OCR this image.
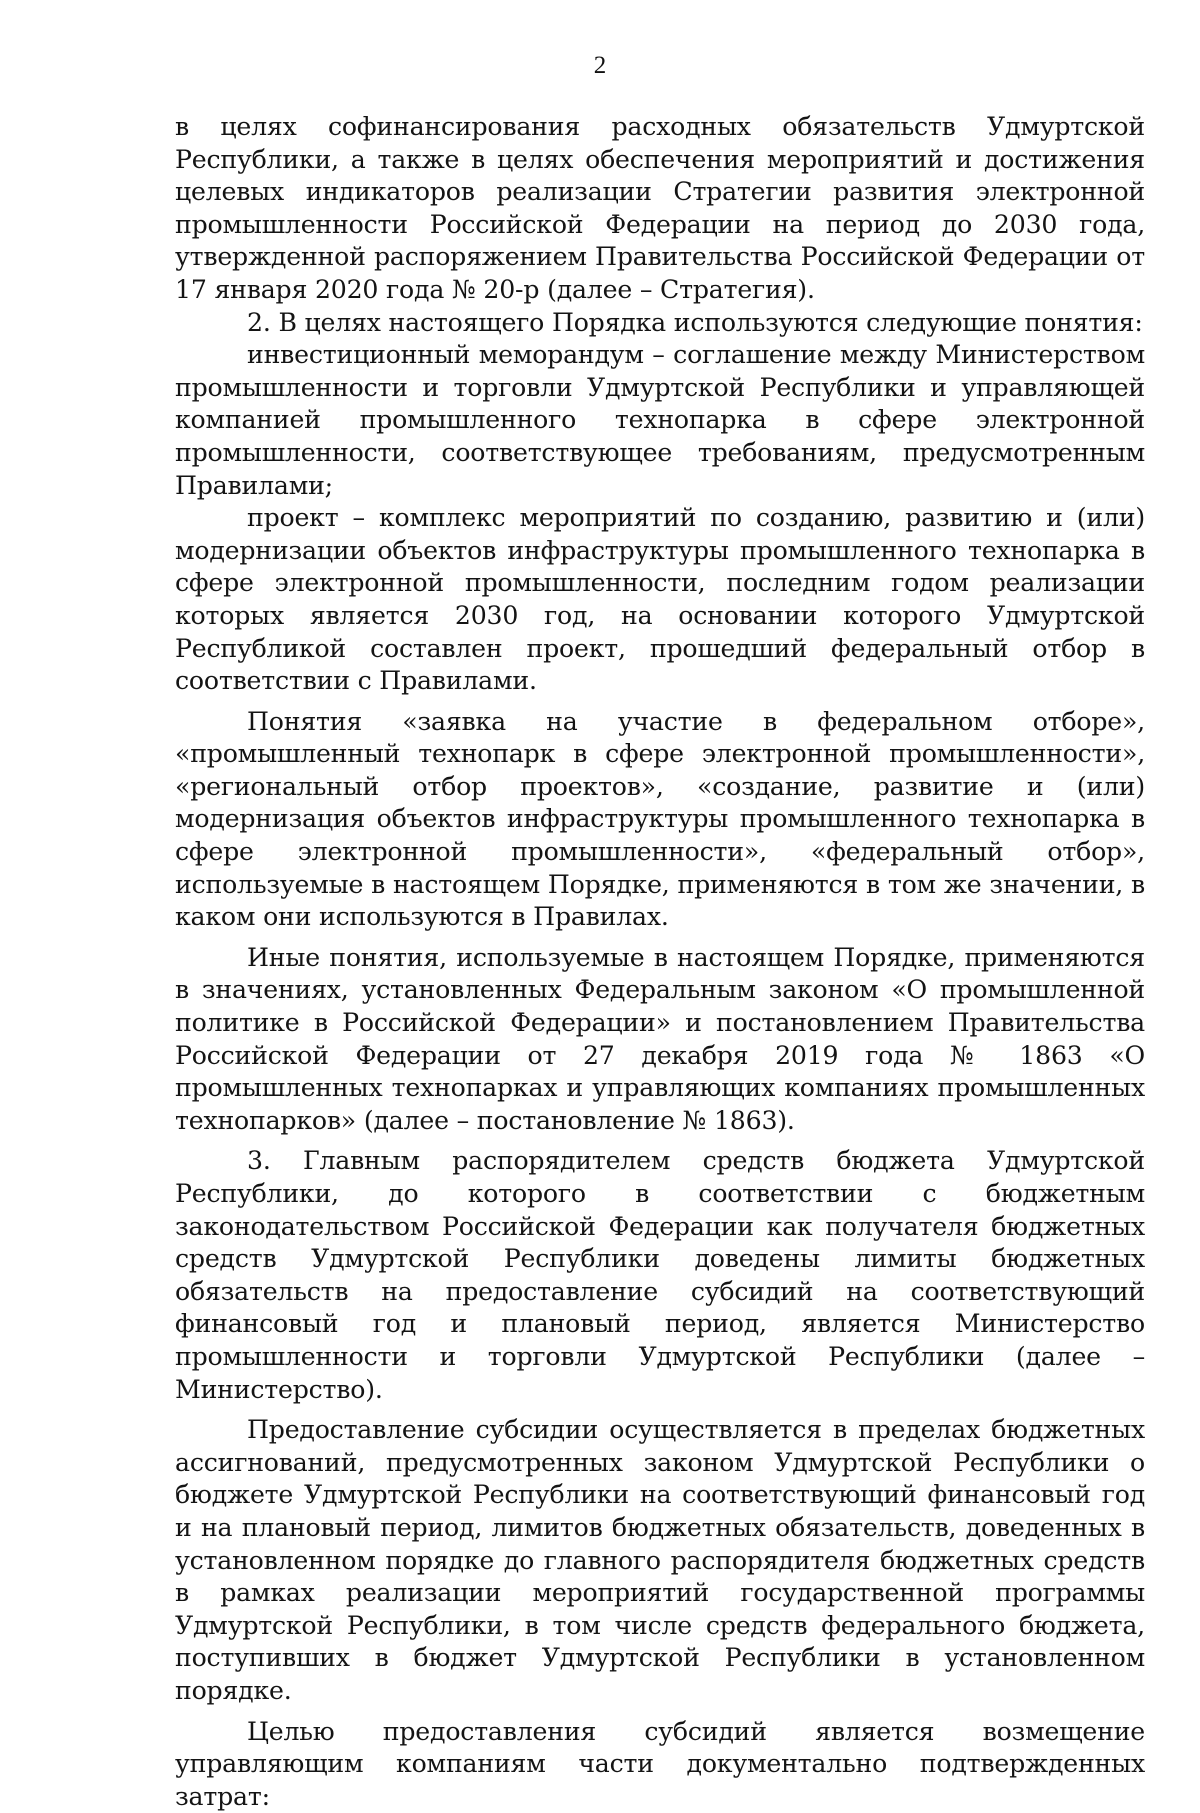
2

в целях софинансирования расходных обязательств Удмуртской Республики, а также в целях обеспечения мероприятий и достижения целевых индикаторов реализации Стратегии развития электронной промышленности Российской Федерации на период до 2030 года, утвержденной распоряжением Правительства Российской Федерации от 17 января 2020 года № 20-р (далее – Стратегия).

2. В целях настоящего Порядка используются следующие понятия:

инвестиционный меморандум – соглашение между Министерством промышленности и торговли Удмуртской Республики и управляющей компанией промышленного технопарка в сфере электронной промышленности, соответствующее требованиям, предусмотренным Правилами;

проект – комплекс мероприятий по созданию, развитию и (или) модернизации объектов инфраструктуры промышленного технопарка в сфере электронной промышленности, последним годом реализации которых является 2030 год, на основании которого Удмуртской Республикой составлен проект, прошедший федеральный отбор в соответствии с Правилами.

Понятия «заявка на участие в федеральном отборе», «промышленный технопарк в сфере электронной промышленности», «региональный отбор проектов», «создание, развитие и (или) модернизация объектов инфраструктуры промышленного технопарка в сфере электронной промышленности», «федеральный отбор», используемые в настоящем Порядке, применяются в том же значении, в каком они используются в Правилах.

Иные понятия, используемые в настоящем Порядке, применяются в значениях, установленных Федеральным законом «О промышленной политике в Российской Федерации» и постановлением Правительства Российской Федерации от 27 декабря 2019 года № 1863 «О промышленных технопарках и управляющих компаниях промышленных технопарков» (далее – постановление № 1863).

3. Главным распорядителем средств бюджета Удмуртской Республики, до которого в соответствии с бюджетным законодательством Российской Федерации как получателя бюджетных средств Удмуртской Республики доведены лимиты бюджетных обязательств на предоставление субсидий на соответствующий финансовый год и плановый период, является Министерство промышленности и торговли Удмуртской Республики (далее – Министерство).

Предоставление субсидии осуществляется в пределах бюджетных ассигнований, предусмотренных законом Удмуртской Республики о бюджете Удмуртской Республики на соответствующий финансовый год и на плановый период, лимитов бюджетных обязательств, доведенных в установленном порядке до главного распорядителя бюджетных средств в рамках реализации мероприятий государственной программы Удмуртской Республики, в том числе средств федерального бюджета, поступивших в бюджет Удмуртской Республики в установленном порядке.

Целью предоставления субсидий является возмещение управляющим компаниям части документально подтвержденных затрат:
